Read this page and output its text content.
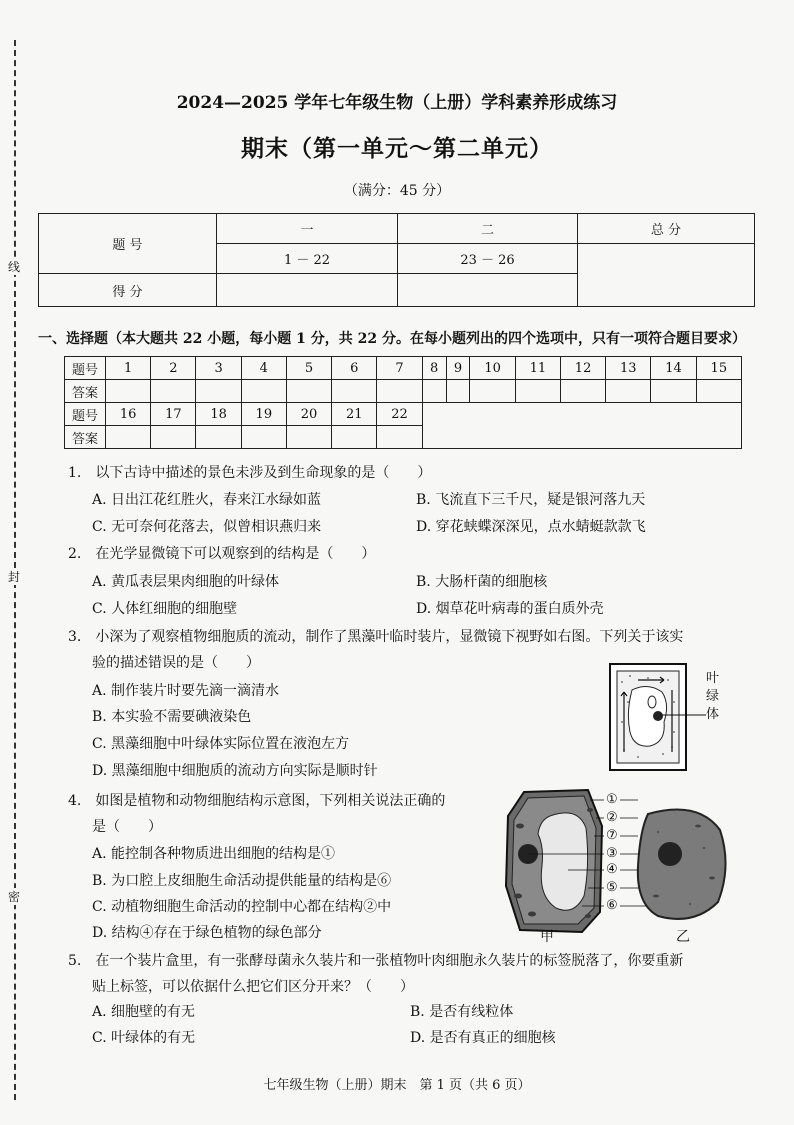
线
封
密
2024—2025 学年七年级生物（上册）学科素养形成练习
期末（第一单元～第二单元）
（满分：45 分）
题 号	一	二	总 分
	1 － 22	23 － 26	
得 分			
一、选择题（本大题共 22 小题，每小题 1 分，共 22 分。在每小题列出的四个选项中，只有一项符合题目要求）
题号	1	2	3	4	5	6	7	8	9	10	11	12	13	14	15
答案															
题号	16	17	18	19	20	21	22								
答案															
1.　以下古诗中描述的景色未涉及到生命现象的是（　　）
A. 日出江花红胜火，春来江水绿如蓝	B. 飞流直下三千尺，疑是银河落九天
C. 无可奈何花落去，似曾相识燕归来	D. 穿花蛱蝶深深见，点水蜻蜓款款飞
2.　在光学显微镜下可以观察到的结构是（　　）
A. 黄瓜表层果肉细胞的叶绿体	B. 大肠杆菌的细胞核
C. 人体红细胞的细胞壁	D. 烟草花叶病毒的蛋白质外壳
3.　小深为了观察植物细胞质的流动，制作了黑藻叶临时装片，显微镜下视野如右图。下列关于该实
验的描述错误的是（　　）
A. 制作装片时要先滴一滴清水
B. 本实验不需要碘液染色
C. 黑藻细胞中叶绿体实际位置在液泡左方
D. 黑藻细胞中细胞质的流动方向实际是顺时针
叶绿体
4.　如图是植物和动物细胞结构示意图，下列相关说法正确的
是（　　）
A. 能控制各种物质进出细胞的结构是①
B. 为口腔上皮细胞生命活动提供能量的结构是⑥
C. 动植物细胞生命活动的控制中心都在结构②中
D. 结构④存在于绿色植物的绿色部分
①
②
⑦
③
④
⑤
⑥
甲	乙
5.　在一个装片盒里，有一张酵母菌永久装片和一张植物叶肉细胞永久装片的标签脱落了，你要重新
贴上标签，可以依据什么把它们区分开来？（　　）
A. 细胞壁的有无	B. 是否有线粒体
C. 叶绿体的有无	D. 是否有真正的细胞核
七年级生物（上册）期末　第 1 页（共 6 页）
